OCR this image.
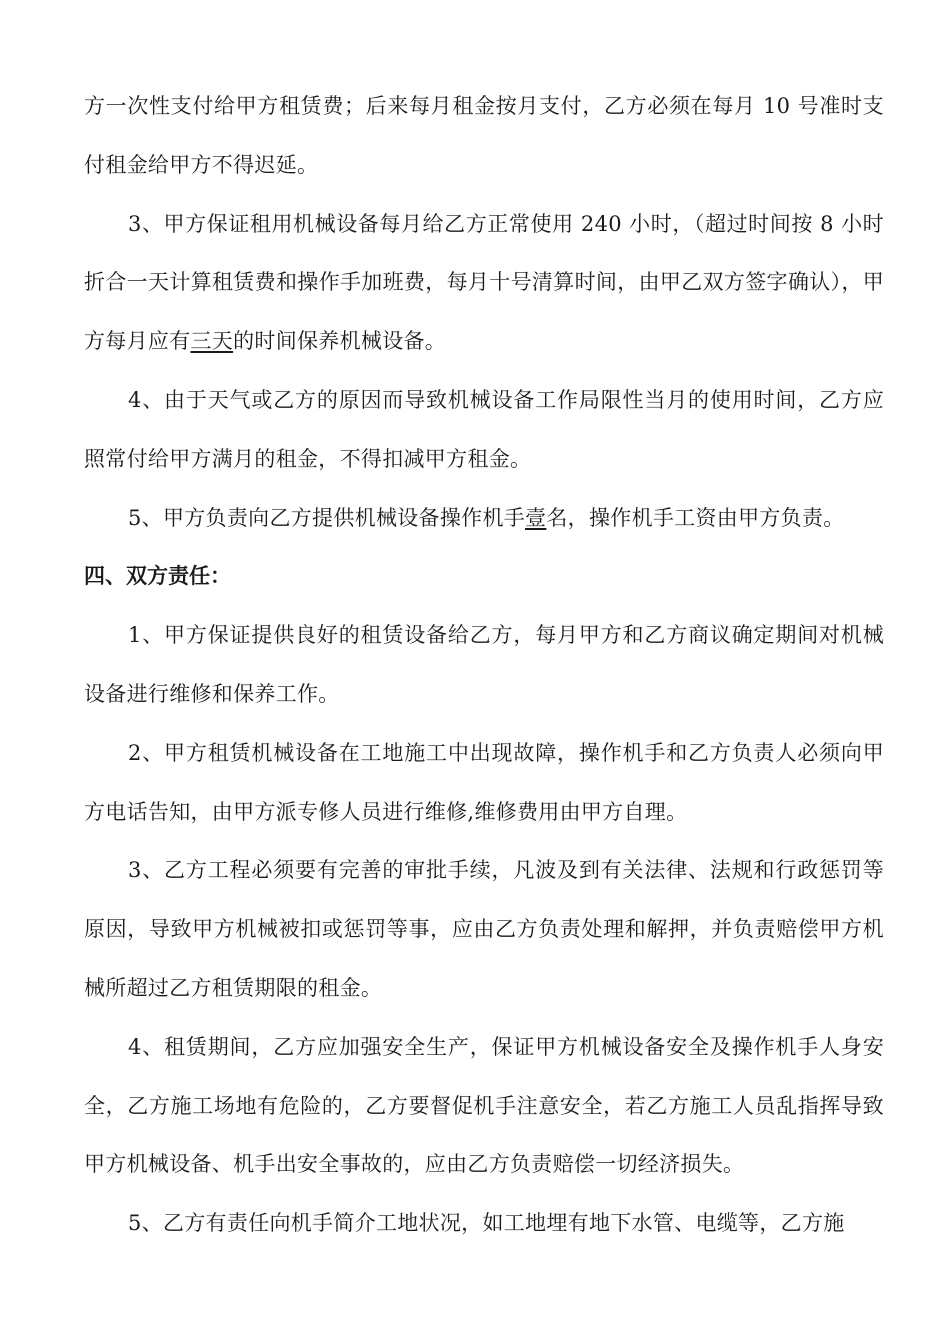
方一次性支付给甲方租赁费；后来每月租金按月支付，乙方必须在每月 10 号准时支付租金给甲方不得迟延。

3、甲方保证租用机械设备每月给乙方正常使用 240 小时，（超过时间按 8 小时折合一天计算租赁费和操作手加班费，每月十号清算时间，由甲乙双方签字确认），甲方每月应有三天的时间保养机械设备。

4、由于天气或乙方的原因而导致机械设备工作局限性当月的使用时间，乙方应照常付给甲方满月的租金，不得扣减甲方租金。

5、甲方负责向乙方提供机械设备操作机手壹名，操作机手工资由甲方负责。

四、双方责任：

1、甲方保证提供良好的租赁设备给乙方，每月甲方和乙方商议确定期间对机械设备进行维修和保养工作。

2、甲方租赁机械设备在工地施工中出现故障，操作机手和乙方负责人必须向甲方电话告知，由甲方派专修人员进行维修,维修费用由甲方自理。

3、乙方工程必须要有完善的审批手续，凡波及到有关法律、法规和行政惩罚等原因，导致甲方机械被扣或惩罚等事，应由乙方负责处理和解押，并负责赔偿甲方机械所超过乙方租赁期限的租金。

4、租赁期间，乙方应加强安全生产，保证甲方机械设备安全及操作机手人身安全，乙方施工场地有危险的，乙方要督促机手注意安全，若乙方施工人员乱指挥导致甲方机械设备、机手出安全事故的，应由乙方负责赔偿一切经济损失。

5、乙方有责任向机手简介工地状况，如工地埋有地下水管、电缆等，乙方施
